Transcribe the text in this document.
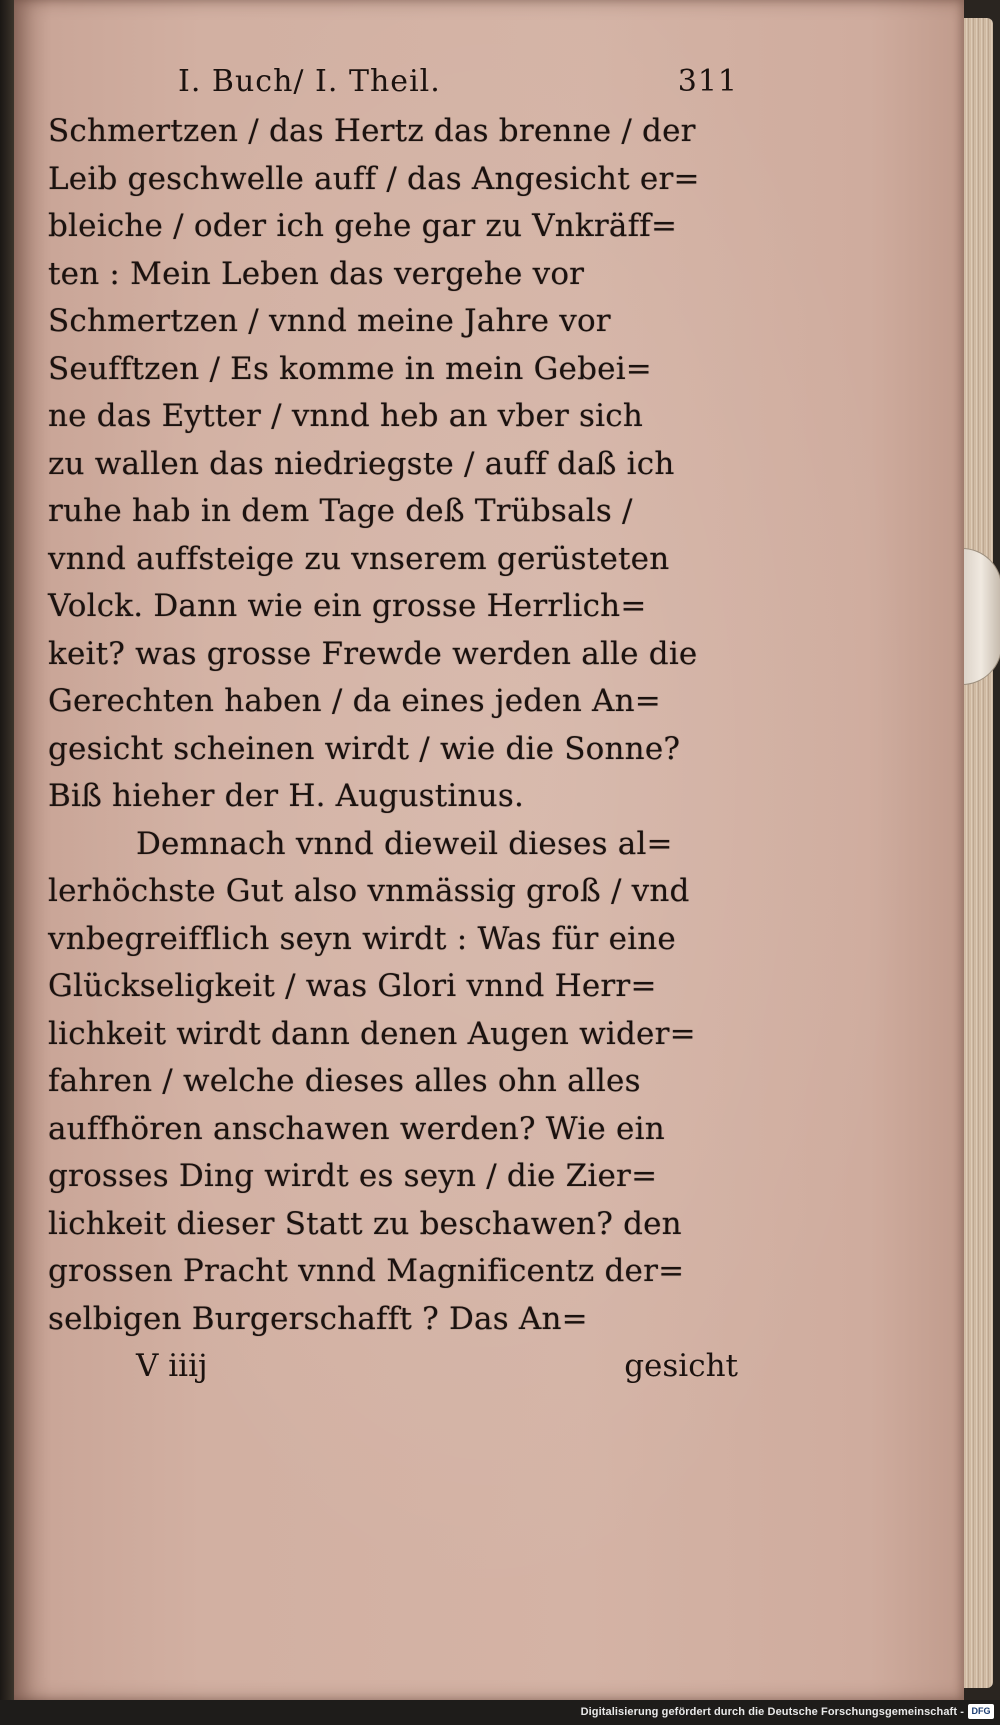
I. Buch/ I. Theil.	311
Schmertzen / das Hertz das brenne / der
Leib geschwelle auff / das Angesicht er=
bleiche / oder ich gehe gar zu Vnkräff=
ten : Mein Leben das vergehe vor
Schmertzen / vnnd meine Jahre vor
Seufftzen / Es komme in mein Gebei=
ne das Eytter / vnnd heb an vber sich
zu wallen das niedriegste / auff daß ich
ruhe hab in dem Tage deß Trübsals /
vnnd auffsteige zu vnserem gerüsteten
Volck. Dann wie ein grosse Herrlich=
keit? was grosse Frewde werden alle die
Gerechten haben / da eines jeden An=
gesicht scheinen wirdt / wie die Sonne?
Biß hieher der H. Augustinus.
Demnach vnnd dieweil dieses al=
lerhöchste Gut also vnmässig groß / vnd
vnbegreifflich seyn wirdt : Was für eine
Glückseligkeit / was Glori vnnd Herr=
lichkeit wirdt dann denen Augen wider=
fahren / welche dieses alles ohn alles
auffhören anschawen werden? Wie ein
grosses Ding wirdt es seyn / die Zier=
lichkeit dieser Statt zu beschawen? den
grossen Pracht vnnd Magnificentz der=
selbigen Burgerschafft ? Das An=
V iiij	gesicht
Digitalisierung gefördert durch die Deutsche Forschungsgemeinschaft - DFG
